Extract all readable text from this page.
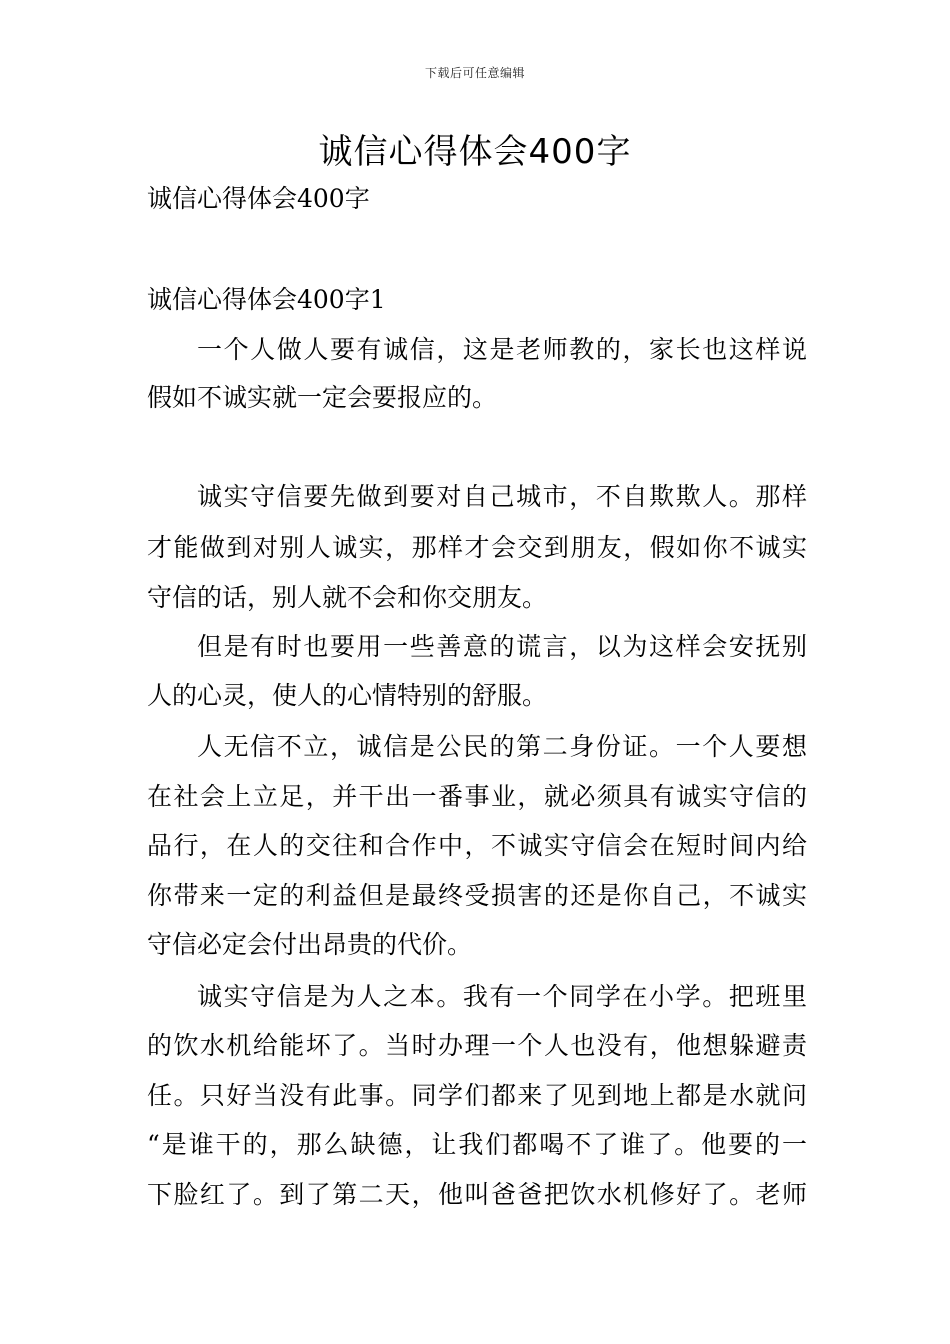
下载后可任意编辑
诚信心得体会400字
诚信心得体会400字
诚信心得体会400字1
一个人做人要有诚信，这是老师教的，家长也这样说
假如不诚实就一定会要报应的。
诚实守信要先做到要对自己城市，不自欺欺人。那样
才能做到对别人诚实，那样才会交到朋友，假如你不诚实
守信的话，别人就不会和你交朋友。
但是有时也要用一些善意的谎言，以为这样会安抚别
人的心灵，使人的心情特别的舒服。
人无信不立，诚信是公民的第二身份证。一个人要想
在社会上立足，并干出一番事业，就必须具有诚实守信的
品行，在人的交往和合作中，不诚实守信会在短时间内给
你带来一定的利益但是最终受损害的还是你自己，不诚实
守信必定会付出昂贵的代价。
诚实守信是为人之本。我有一个同学在小学。把班里
的饮水机给能坏了。当时办理一个人也没有，他想躲避责
任。只好当没有此事。同学们都来了见到地上都是水就问
“是谁干的，那么缺德，让我们都喝不了谁了。他要的一
下脸红了。到了第二天，他叫爸爸把饮水机修好了。老师
